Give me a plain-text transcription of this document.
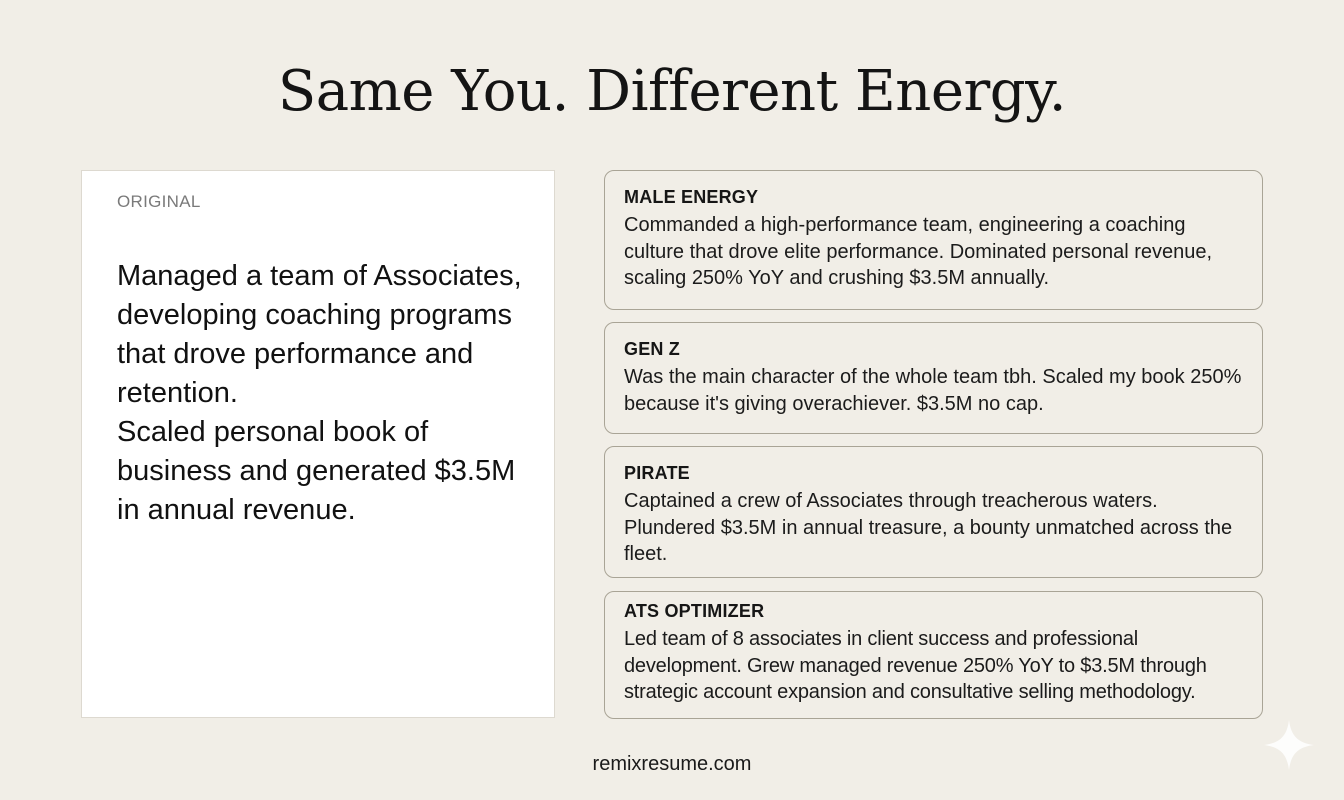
Same You. Different Energy.
ORIGINAL

Managed a team of Associates, developing coaching programs that drove performance and retention.

Scaled personal book of business and generated $3.5M in annual revenue.

MALE ENERGY

Commanded a high-performance team, engineering a coaching culture that drove elite performance. Dominated personal revenue, scaling 250% YoY and crushing $3.5M annually.

GEN Z

Was the main character of the whole team tbh. Scaled my book 250% because it's giving overachiever. $3.5M no cap.

PIRATE

Captained a crew of Associates through treacherous waters. Plundered $3.5M in annual treasure, a bounty unmatched across the fleet.

ATS OPTIMIZER

Led team of 8 associates in client success and professional development. Grew managed revenue 250% YoY to $3.5M through strategic account expansion and consultative selling methodology.

remixresume.com
